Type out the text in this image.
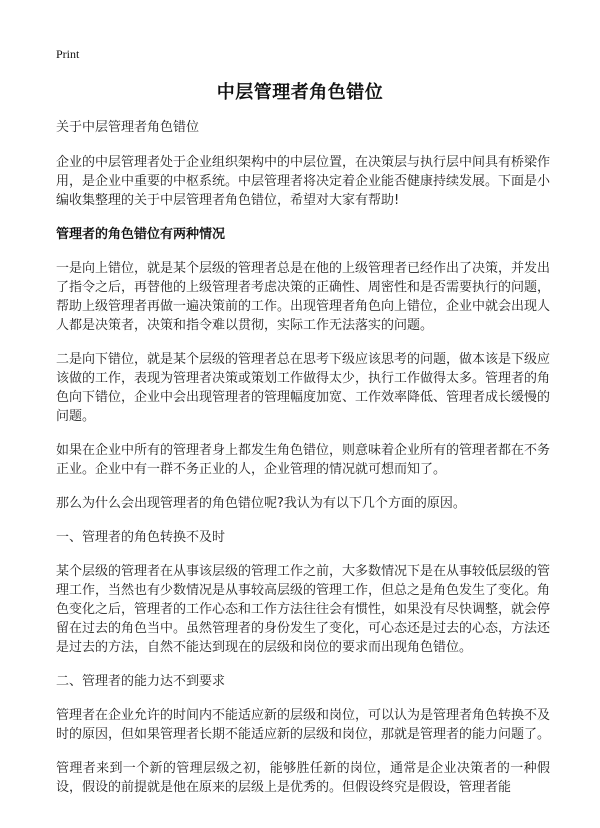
Print
中层管理者角色错位

关于中层管理者角色错位

企业的中层管理者处于企业组织架构中的中层位置，在决策层与执行层中间具有桥梁作用，是企业中重要的中枢系统。中层管理者将决定着企业能否健康持续发展。下面是小编收集整理的关于中层管理者角色错位，希望对大家有帮助!

管理者的角色错位有两种情况

一是向上错位，就是某个层级的管理者总是在他的上级管理者已经作出了决策，并发出了指令之后，再替他的上级管理者考虑决策的正确性、周密性和是否需要执行的问题，帮助上级管理者再做一遍决策前的工作。出现管理者角色向上错位，企业中就会出现人人都是决策者，决策和指令难以贯彻，实际工作无法落实的问题。

二是向下错位，就是某个层级的管理者总在思考下级应该思考的问题，做本该是下级应该做的工作，表现为管理者决策或策划工作做得太少，执行工作做得太多。管理者的角色向下错位，企业中会出现管理者的管理幅度加宽、工作效率降低、管理者成长缓慢的问题。

如果在企业中所有的管理者身上都发生角色错位，则意味着企业所有的管理者都在不务正业。企业中有一群不务正业的人，企业管理的情况就可想而知了。

那么为什么会出现管理者的角色错位呢?我认为有以下几个方面的原因。

一、管理者的角色转换不及时

某个层级的管理者在从事该层级的管理工作之前，大多数情况下是在从事较低层级的管理工作，当然也有少数情况是从事较高层级的管理工作，但总之是角色发生了变化。角色变化之后，管理者的工作心态和工作方法往往会有惯性，如果没有尽快调整，就会停留在过去的角色当中。虽然管理者的身份发生了变化，可心态还是过去的心态，方法还是过去的方法，自然不能达到现在的层级和岗位的要求而出现角色错位。

二、管理者的能力达不到要求

管理者在企业允许的时间内不能适应新的层级和岗位，可以认为是管理者角色转换不及时的原因，但如果管理者长期不能适应新的层级和岗位，那就是管理者的能力问题了。

管理者来到一个新的管理层级之初，能够胜任新的岗位，通常是企业决策者的一种假设，假设的前提就是他在原来的层级上是优秀的。但假设终究是假设，管理者能
